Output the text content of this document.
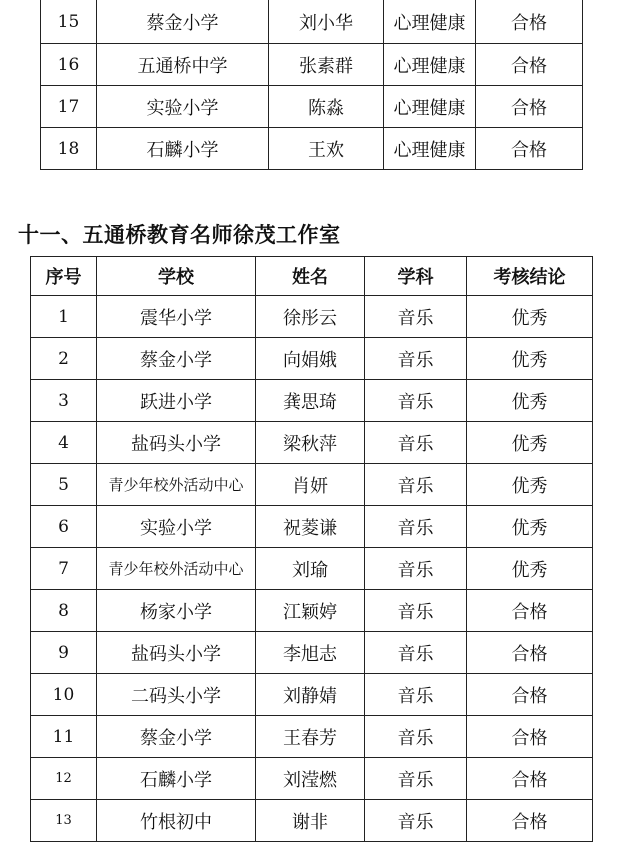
15	蔡金小学	刘小华	心理健康	合格
16	五通桥中学	张素群	心理健康	合格
17	实验小学	陈淼	心理健康	合格
18	石麟小学	王欢	心理健康	合格
十一、五通桥教育名师徐茂工作室
序号	学校	姓名	学科	考核结论
1	震华小学	徐彤云	音乐	优秀
2	蔡金小学	向娟娥	音乐	优秀
3	跃进小学	龚思琦	音乐	优秀
4	盐码头小学	梁秋萍	音乐	优秀
5	青少年校外活动中心	肖妍	音乐	优秀
6	实验小学	祝菱谦	音乐	优秀
7	青少年校外活动中心	刘瑜	音乐	优秀
8	杨家小学	江颖婷	音乐	合格
9	盐码头小学	李旭志	音乐	合格
10	二码头小学	刘静婧	音乐	合格
11	蔡金小学	王春芳	音乐	合格
12	石麟小学	刘滢燃	音乐	合格
13	竹根初中	谢非	音乐	合格
